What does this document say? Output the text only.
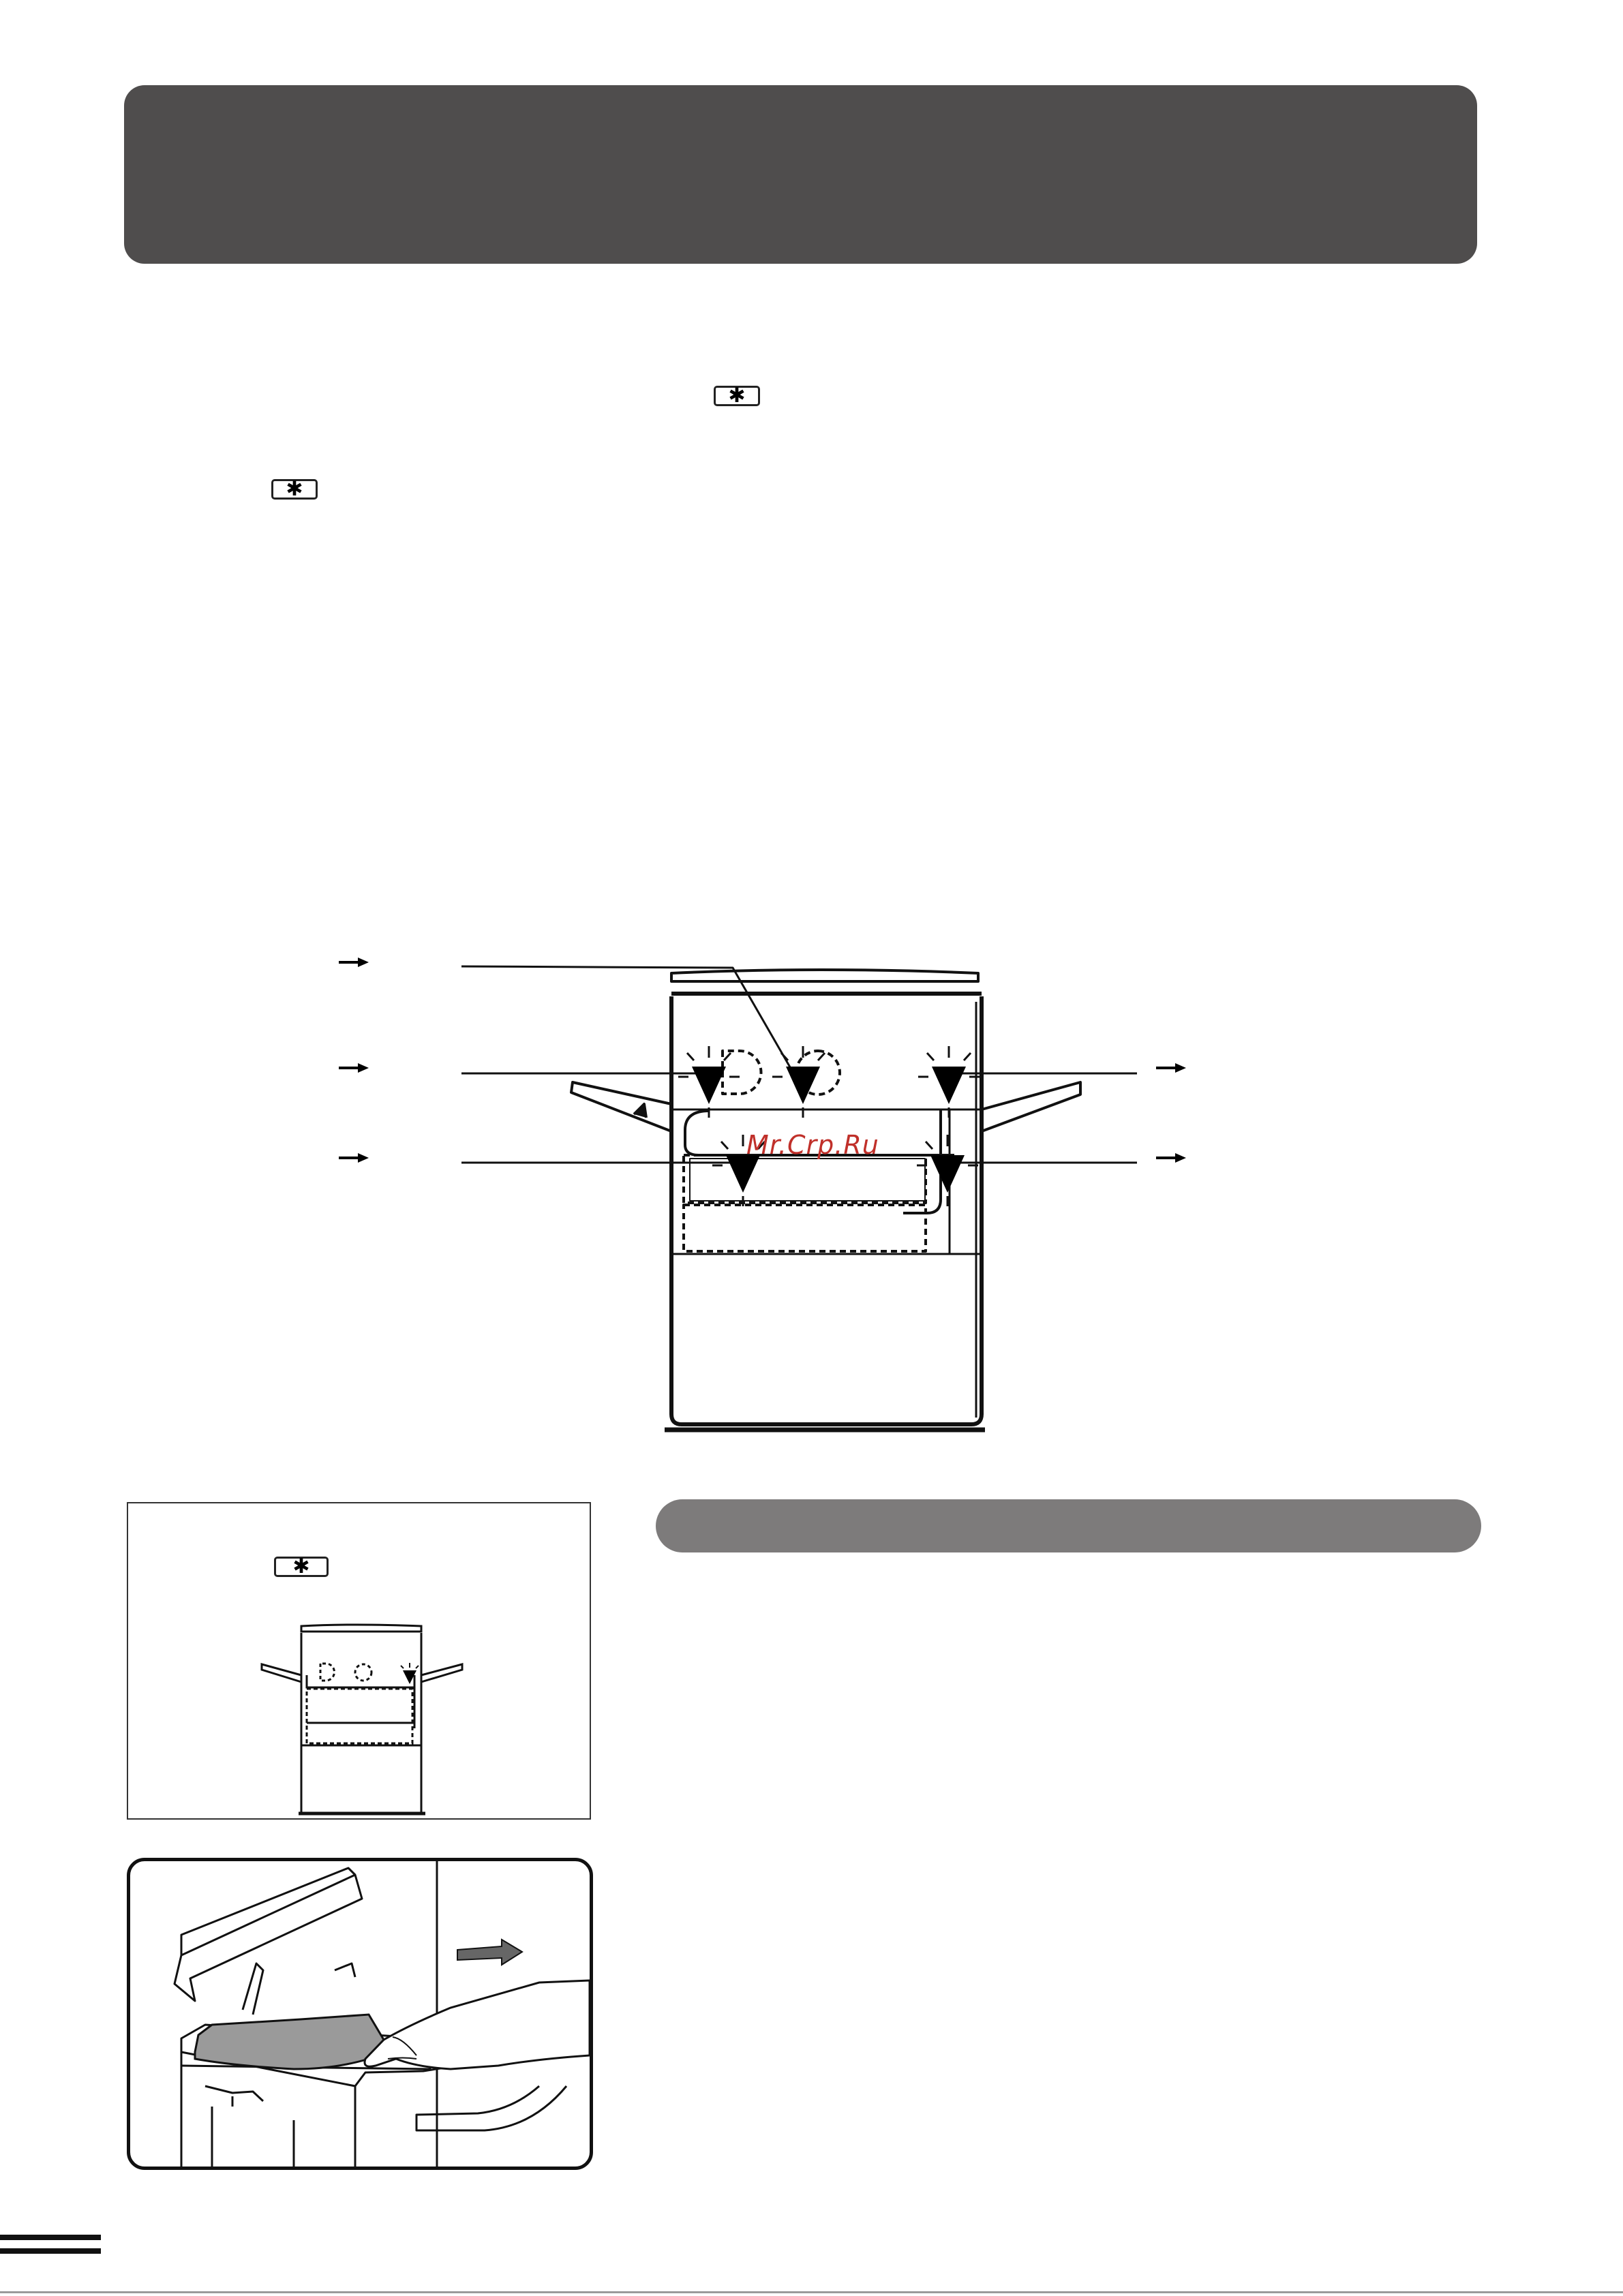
✱
✱
Mr.Crp.Ru
✱
